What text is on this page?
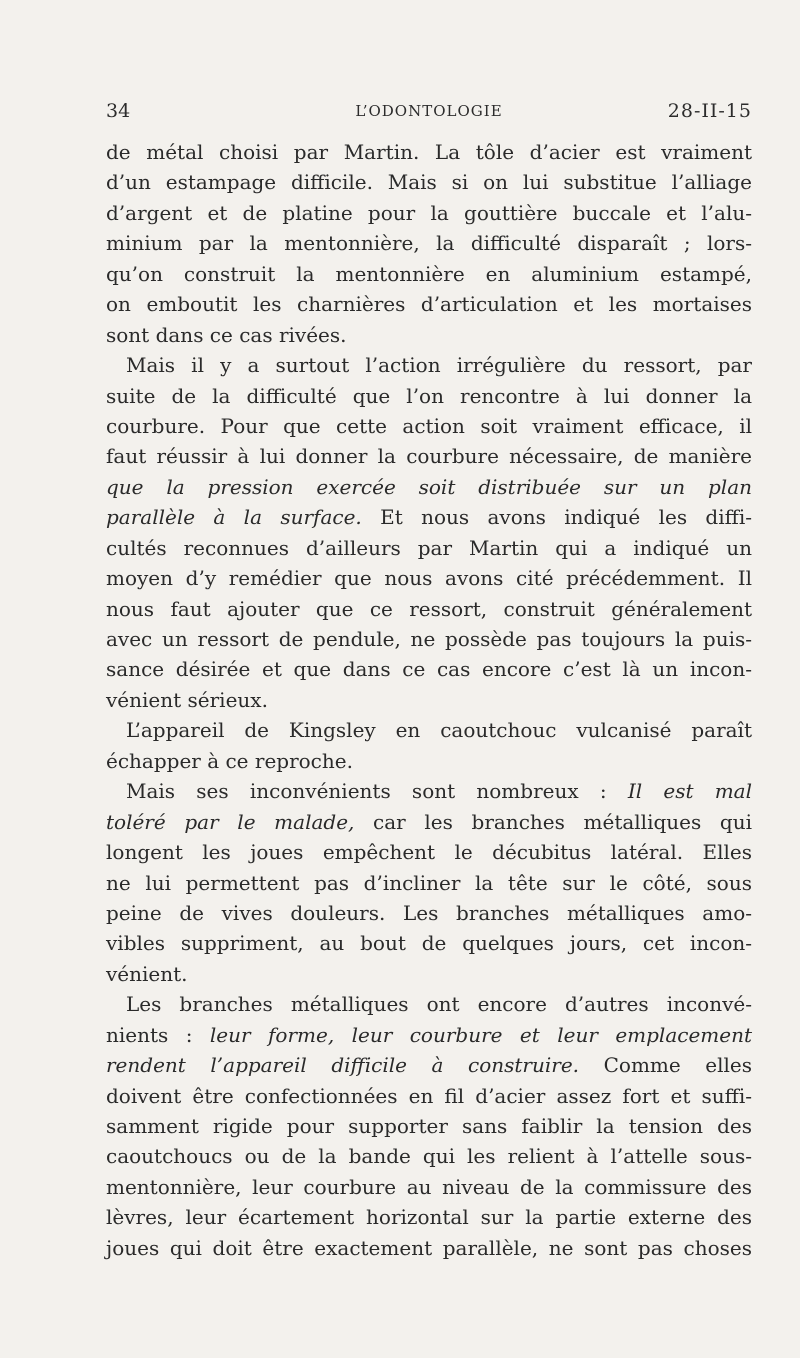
34	L’ODONTOLOGIE	28-II-15
de métal choisi par Martin. La tôle d’acier est vraiment
d’un estampage difficile. Mais si on lui substitue l’alliage
d’argent et de platine pour la gouttière buccale et l’alu-
minium par la mentonnière, la difficulté disparaît ; lors-
qu’on construit la mentonnière en aluminium estampé,
on emboutit les charnières d’articulation et les mortaises
sont dans ce cas rivées.
Mais il y a surtout l’action irrégulière du ressort, par
suite de la difficulté que l’on rencontre à lui donner la
courbure. Pour que cette action soit vraiment efficace, il
faut réussir à lui donner la courbure nécessaire, de manière
que la pression exercée soit distribuée sur un plan
parallèle à la surface. Et nous avons indiqué les diffi-
cultés reconnues d’ailleurs par Martin qui a indiqué un
moyen d’y remédier que nous avons cité précédemment. Il
nous faut ajouter que ce ressort, construit généralement
avec un ressort de pendule, ne possède pas toujours la puis-
sance désirée et que dans ce cas encore c’est là un incon-
vénient sérieux.
L’appareil de Kingsley en caoutchouc vulcanisé paraît
échapper à ce reproche.
Mais ses inconvénients sont nombreux : Il est mal
toléré par le malade, car les branches métalliques qui
longent les joues empêchent le décubitus latéral. Elles
ne lui permettent pas d’incliner la tête sur le côté, sous
peine de vives douleurs. Les branches métalliques amo-
vibles suppriment, au bout de quelques jours, cet incon-
vénient.
Les branches métalliques ont encore d’autres inconvé-
nients : leur forme, leur courbure et leur emplacement
rendent l’appareil difficile à construire. Comme elles
doivent être confectionnées en fil d’acier assez fort et suffi-
samment rigide pour supporter sans faiblir la tension des
caoutchoucs ou de la bande qui les relient à l’attelle sous-
mentonnière, leur courbure au niveau de la commissure des
lèvres, leur écartement horizontal sur la partie externe des
joues qui doit être exactement parallèle, ne sont pas choses
